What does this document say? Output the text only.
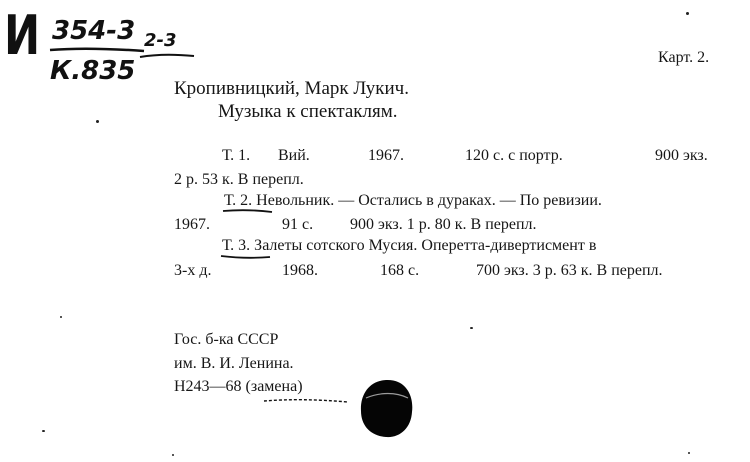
И 354-3
К.835
2-3
Карт. 2.
Кропивницкий, Марк Лукич.
Музыка к спектаклям.
Т. 1. Вий.	1967.	120 с. с портр.	900 экз.
2 р. 53 к. В перепл.
Т. 2. Невольник. — Остались в дураках. — По ревизии.
1967.	91 с. 900 экз. 1 р. 80 к. В перепл.
Т. 3. Залеты сотского Мусия. Оперетта-дивертисмент в
3-х д.	1968.	168 с.	700 экз. 3 р. 63 к. В перепл.
Гос. б-ка СССР
им. В. И. Ленина.
Н243—68 (замена)
